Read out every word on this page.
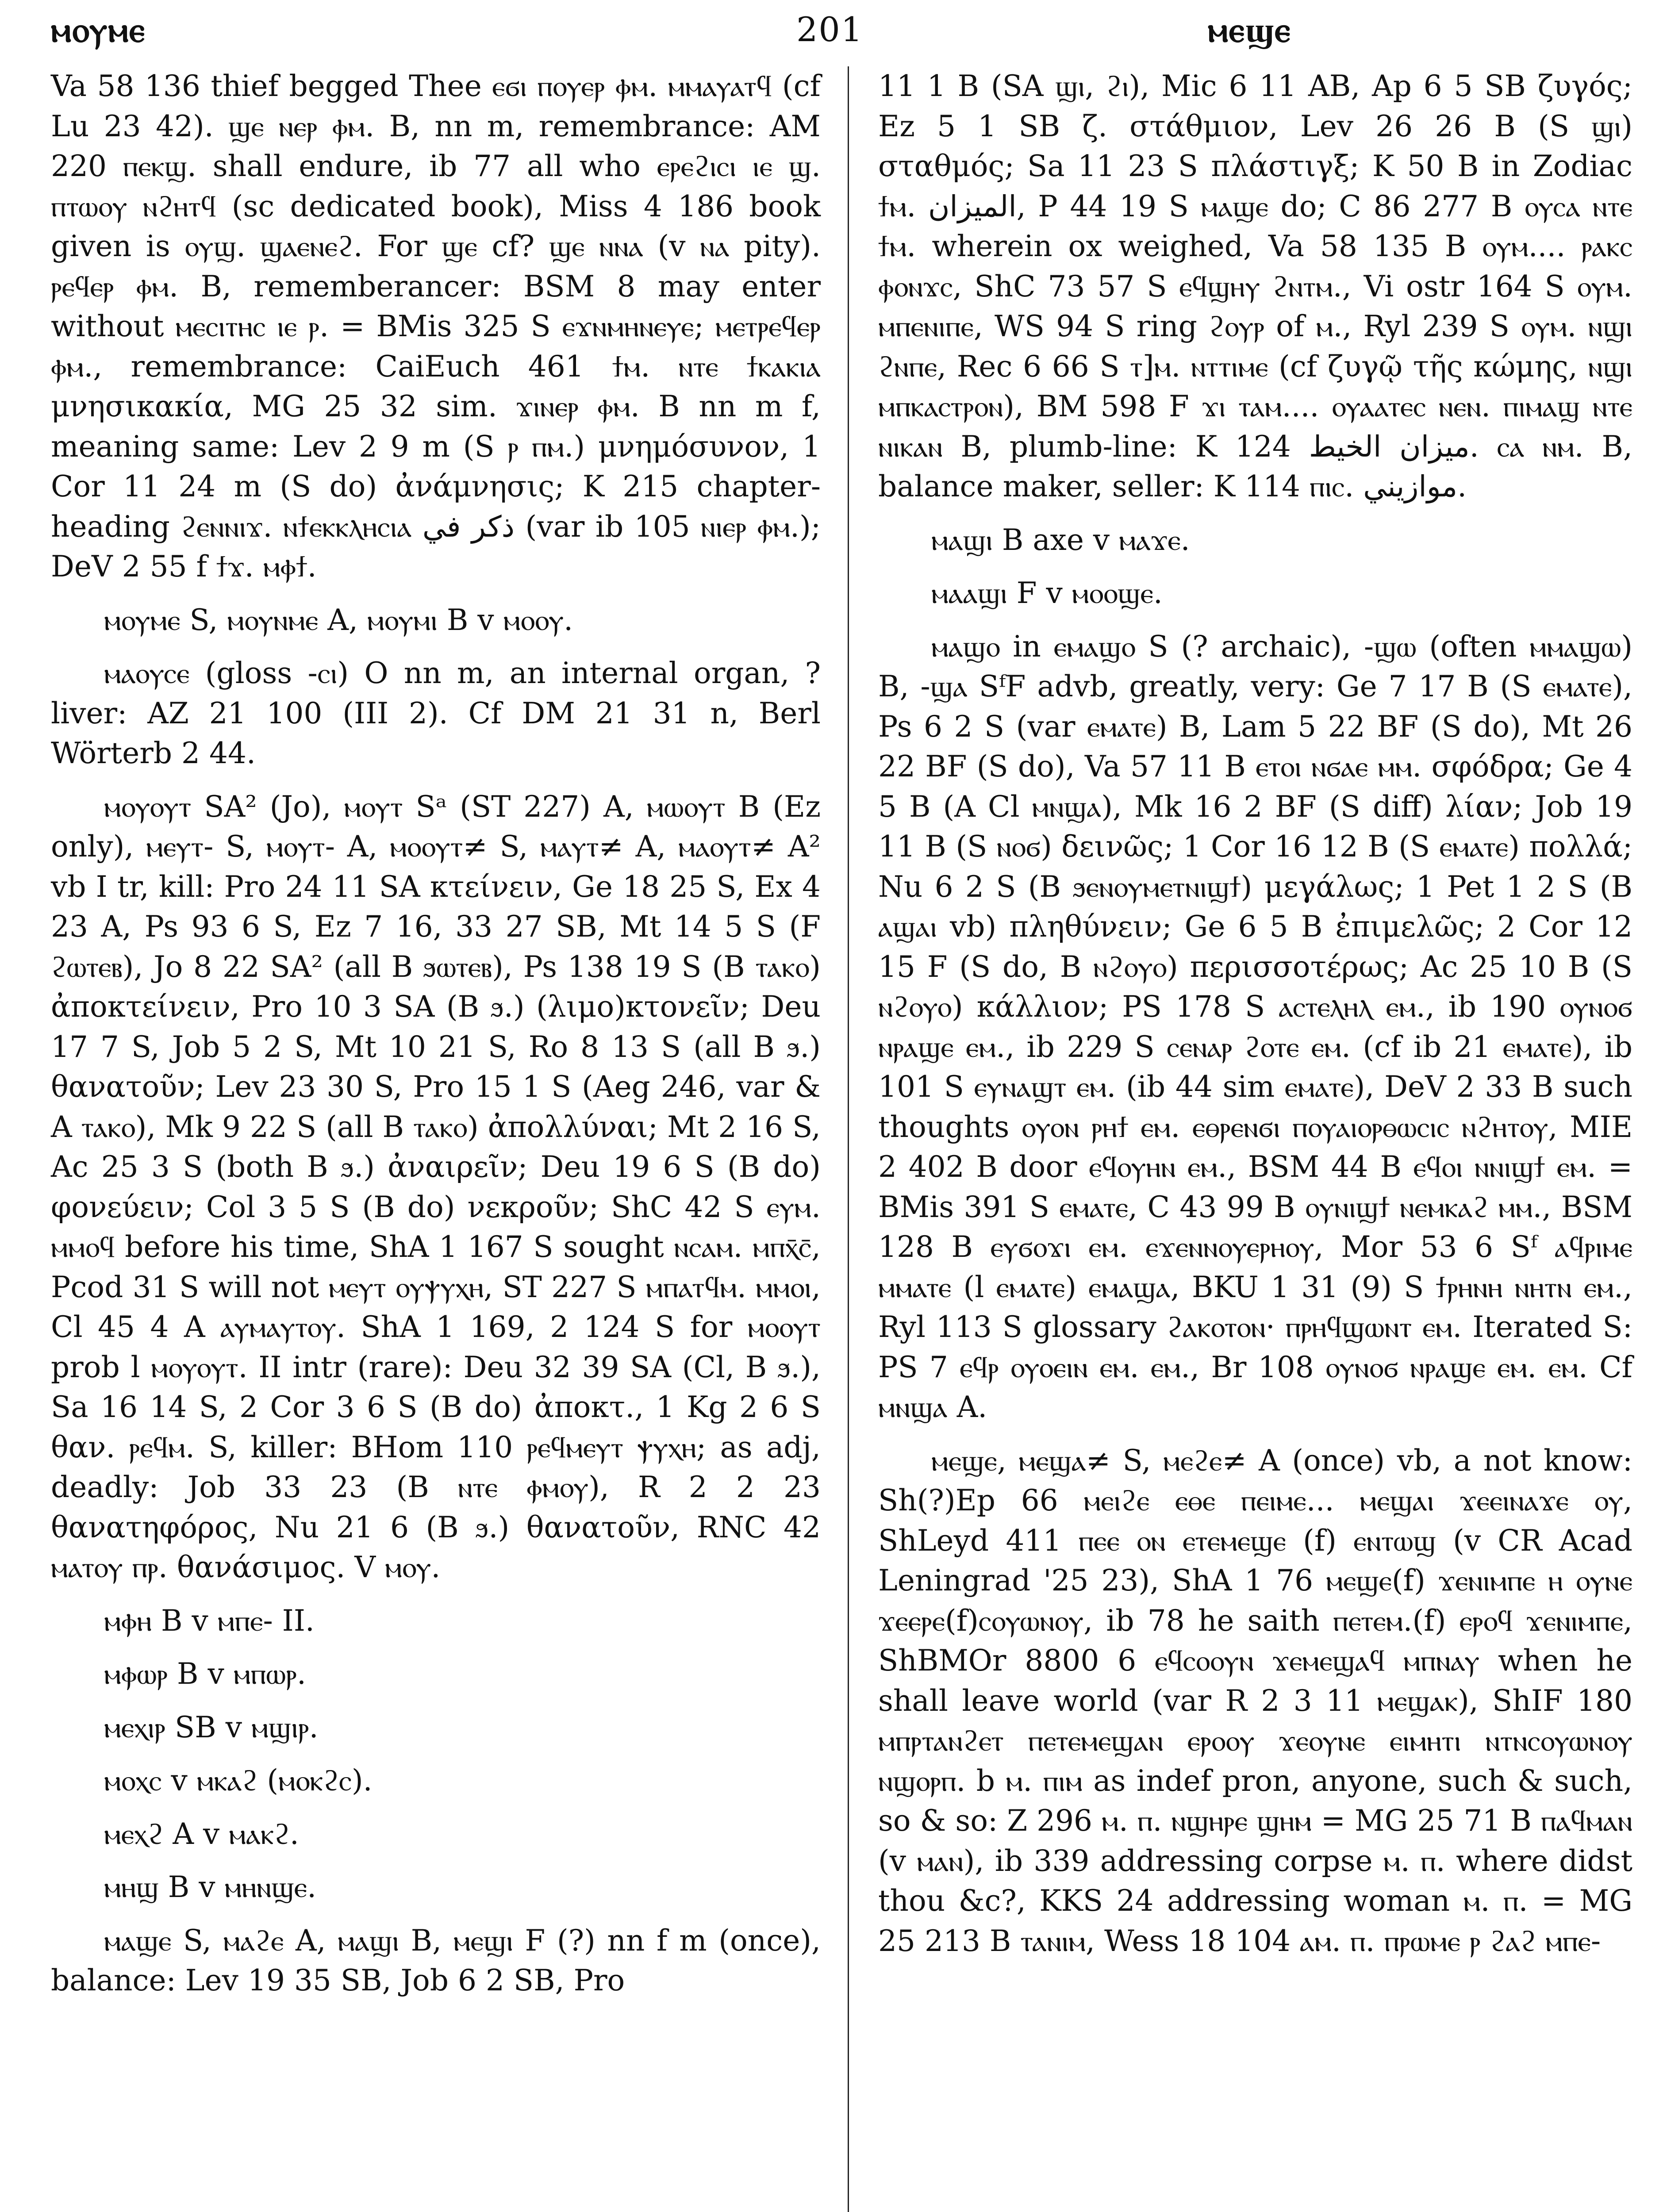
ⲙⲟⲩⲙⲉ	201	ⲙⲉϣⲉ

Va 58 136 thief begged Thee ⲉϭⲓ ⲡⲟⲩⲉⲣ ⲫⲙ. ⲙⲙⲁⲩⲁⲧϥ (cf Lu 23 42). ϣⲉ ⲛⲉⲣ ⲫⲙ. B, nn m, remembrance: AM 220 ⲡⲉⲕϣ. shall endure, ib 77 all who ⲉⲣⲉϩⲓⲥⲓ ⲓⲉ ϣ. ⲡⲧⲱⲟⲩ ⲛϩⲏⲧϥ (sc dedicated book), Miss 4 186 book given is ⲟⲩϣ. ϣⲁⲉⲛⲉϩ. For ϣⲉ cf? ϣⲉ ⲛⲛⲁ (v ⲛⲁ pity). ⲣⲉϥⲉⲣ ⲫⲙ. B, rememberancer: BSM 8 may enter without ⲙⲉⲥⲓⲧⲏⲥ ⲓⲉ ⲣ. = BMis 325 S ⲉϫⲛⲙⲏⲛⲉⲩⲉ; ⲙⲉⲧⲣⲉϥⲉⲣ ⲫⲙ., remembrance: CaiEuch 461 ϯⲙ. ⲛⲧⲉ ϯⲕⲁⲕⲓⲁ μνησικακία, MG 25 32 sim. ϫⲓⲛⲉⲣ ⲫⲙ. B nn m f, meaning same: Lev 2 9 m (S ⲣ ⲡⲙ.) μνημόσυνον, 1 Cor 11 24 m (S do) ἀνάμνησις; K 215 chapter-heading ϩⲉⲛⲛⲓϫ. ⲛϯⲉⲕⲕⲗⲏⲥⲓⲁ ذكر في (var ib 105 ⲛⲓⲉⲣ ⲫⲙ.); DeV 2 55 f ϯϫ. ⲙⲫϯ.

ⲙⲟⲩⲙⲉ S, ⲙⲟⲩⲛⲙⲉ A, ⲙⲟⲩⲙⲓ B v ⲙⲟⲟⲩ.

ⲙⲁⲟⲩⲥⲉ (gloss -ⲥⲓ) O nn m, an internal organ, ? liver: AZ 21 100 (III 2). Cf DM 21 31 n, Berl Wörterb 2 44.

ⲙⲟⲩⲟⲩⲧ SA² (Jo), ⲙⲟⲩⲧ Sᵃ (ST 227) A, ⲙⲱⲟⲩⲧ B (Ez only), ⲙⲉⲩⲧ- S, ⲙⲟⲩⲧ- A, ⲙⲟⲟⲩⲧ≠ S, ⲙⲁⲩⲧ≠ A, ⲙⲁⲟⲩⲧ≠ A² vb I tr, kill: Pro 24 11 SA κτείνειν, Ge 18 25 S, Ex 4 23 A, Ps 93 6 S, Ez 7 16, 33 27 SB, Mt 14 5 S (F ϩⲱⲧⲉⲃ), Jo 8 22 SA² (all B ϧⲱⲧⲉⲃ), Ps 138 19 S (B ⲧⲁⲕⲟ) ἀποκτείνειν, Pro 10 3 SA (B ϧ.) (λιμο)κτονεῖν; Deu 17 7 S, Job 5 2 S, Mt 10 21 S, Ro 8 13 S (all B ϧ.) θανατοῦν; Lev 23 30 S, Pro 15 1 S (Aeg 246, var & A ⲧⲁⲕⲟ), Mk 9 22 S (all B ⲧⲁⲕⲟ) ἀπολλύναι; Mt 2 16 S, Ac 25 3 S (both B ϧ.) ἀναιρεῖν; Deu 19 6 S (B do) φονεύειν; Col 3 5 S (B do) νεκροῦν; ShC 42 S ⲉⲩⲙ. ⲙⲙⲟϥ before his time, ShA 1 167 S sought ⲛⲥⲁⲙ. ⲙⲡⲭ̄ⲥ̄, Pcod 31 S will not ⲙⲉⲩⲧ ⲟⲩⲯⲩⲭⲏ, ST 227 S ⲙⲡⲁⲧϥⲙ. ⲙⲙⲟⲓ, Cl 45 4 A ⲁⲩⲙⲁⲩⲧⲟⲩ. ShA 1 169, 2 124 S for ⲙⲟⲟⲩⲧ prob l ⲙⲟⲩⲟⲩⲧ. II intr (rare): Deu 32 39 SA (Cl, B ϧ.), Sa 16 14 S, 2 Cor 3 6 S (B do) ἀποκτ., 1 Kg 2 6 S θαν. ⲣⲉϥⲙ. S, killer: BHom 110 ⲣⲉϥⲙⲉⲩⲧ ⲯⲩⲭⲏ; as adj, deadly: Job 33 23 (B ⲛⲧⲉ ⲫⲙⲟⲩ), R 2 2 23 θανατηφόρος, Nu 21 6 (B ϧ.) θανατοῦν, RNC 42 ⲙⲁⲧⲟⲩ ⲡⲣ. θανάσιμος. V ⲙⲟⲩ.

ⲙⲫⲏ B v ⲙⲡⲉ- II.

ⲙⲫⲱⲣ B v ⲙⲡⲱⲣ.

ⲙⲉⲭⲓⲣ SB v ⲙϣⲓⲣ.

ⲙⲟⲭⲥ v ⲙⲕⲁϩ (ⲙⲟⲕϩⲥ).

ⲙⲉⲭϩ A v ⲙⲁⲕϩ.

ⲙⲏϣ B v ⲙⲏⲛϣⲉ.

ⲙⲁϣⲉ S, ⲙⲁϩⲉ A, ⲙⲁϣⲓ B, ⲙⲉϣⲓ F (?) nn f m (once), balance: Lev 19 35 SB, Job 6 2 SB, Pro

11 1 B (SA ϣⲓ, ϩⲓ), Mic 6 11 AB, Ap 6 5 SB ζυγός; Ez 5 1 SB ζ. στάθμιον, Lev 26 26 B (S ϣⲓ) σταθμός; Sa 11 23 S πλάστιγξ; K 50 B in Zodiac ϯⲙ. الميزان, P 44 19 S ⲙⲁϣⲉ do; C 86 277 B ⲟⲩⲥⲁ ⲛⲧⲉ ϯⲙ. wherein ox weighed, Va 58 135 B ⲟⲩⲙ.... ⲣⲁⲕⲥ ⲫⲟⲛϫⲥ, ShC 73 57 S ⲉϥϣⲏⲩ ϩⲛⲧⲙ., Vi ostr 164 S ⲟⲩⲙ. ⲙⲡⲉⲛⲓⲡⲉ, WS 94 S ring ϩⲟⲩⲣ of ⲙ., Ryl 239 S ⲟⲩⲙ. ⲛϣⲓ ϩⲛⲡⲉ, Rec 6 66 S ⲧ]ⲙ. ⲛⲧⲧⲓⲙⲉ (cf ζυγῷ τῆς κώμης, ⲛϣⲓ ⲙⲡⲕⲁⲥⲧⲣⲟⲛ), BM 598 F ϫⲓ ⲧⲁⲙ.... ⲟⲩⲁⲁⲧⲉⲥ ⲛⲉⲛ. ⲡⲓⲙⲁϣ ⲛⲧⲉ ⲛⲓⲕⲁⲛ B, plumb-line: K 124 ميزان الخيط. ⲥⲁ ⲛⲙ. B, balance maker, seller: K 114 ⲡⲓⲥ. موازيني.

ⲙⲁϣⲓ B axe v ⲙⲁϫⲉ.

ⲙⲁⲁϣⲓ F v ⲙⲟⲟϣⲉ.

ⲙⲁϣⲟ in ⲉⲙⲁϣⲟ S (? archaic), -ϣⲱ (often ⲙⲙⲁϣⲱ) B, -ϣⲁ SᶠF advb, greatly, very: Ge 7 17 B (S ⲉⲙⲁⲧⲉ), Ps 6 2 S (var ⲉⲙⲁⲧⲉ) B, Lam 5 22 BF (S do), Mt 26 22 BF (S do), Va 57 11 B ⲉⲧⲟⲓ ⲛϭⲁⲉ ⲙⲙ. σφόδρα; Ge 4 5 B (A Cl ⲙⲛϣⲁ), Mk 16 2 BF (S diff) λίαν; Job 19 11 B (S ⲛⲟϭ) δεινῶς; 1 Cor 16 12 B (S ⲉⲙⲁⲧⲉ) πολλά; Nu 6 2 S (B ϧⲉⲛⲟⲩⲙⲉⲧⲛⲓϣϯ) μεγάλως; 1 Pet 1 2 S (B ⲁϣⲁⲓ vb) πληθύνειν; Ge 6 5 B ἐπιμελῶς; 2 Cor 12 15 F (S do, B ⲛϩⲟⲩⲟ) περισσοτέρως; Ac 25 10 B (S ⲛϩⲟⲩⲟ) κάλλιον; PS 178 S ⲁⲥⲧⲉⲗⲏⲗ ⲉⲙ., ib 190 ⲟⲩⲛⲟϭ ⲛⲣⲁϣⲉ ⲉⲙ., ib 229 S ⲥⲉⲛⲁⲣ ϩⲟⲧⲉ ⲉⲙ. (cf ib 21 ⲉⲙⲁⲧⲉ), ib 101 S ⲉⲩⲛⲁϣⲧ ⲉⲙ. (ib 44 sim ⲉⲙⲁⲧⲉ), DeV 2 33 B such thoughts ⲟⲩⲟⲛ ⲣⲏϯ ⲉⲙ. ⲉⲑⲣⲉⲛϭⲓ ⲡⲟⲩⲁⲓⲟⲣⲑⲱⲥⲓⲥ ⲛϩⲏⲧⲟⲩ, MIE 2 402 B door ⲉϥⲟⲩⲏⲛ ⲉⲙ., BSM 44 B ⲉϥⲟⲓ ⲛⲛⲓϣϯ ⲉⲙ. = BMis 391 S ⲉⲙⲁⲧⲉ, C 43 99 B ⲟⲩⲛⲓϣϯ ⲛⲉⲙⲕⲁϩ ⲙⲙ., BSM 128 B ⲉⲩϭⲟϫⲓ ⲉⲙ. ⲉϫⲉⲛⲛⲟⲩⲉⲣⲏⲟⲩ, Mor 53 6 Sᶠ ⲁϥⲣⲓⲙⲉ ⲙⲙⲁⲧⲉ (l ⲉⲙⲁⲧⲉ) ⲉⲙⲁϣⲁ, BKU 1 31 (9) S ϯⲣⲏⲛⲏ ⲛⲏⲧⲛ ⲉⲙ., Ryl 113 S glossary ϩⲁⲕⲟⲧⲟⲛ· ⲡⲣⲏϥϣⲱⲛⲧ ⲉⲙ. Iterated S: PS 7 ⲉϥⲣ ⲟⲩⲟⲉⲓⲛ ⲉⲙ. ⲉⲙ., Br 108 ⲟⲩⲛⲟϭ ⲛⲣⲁϣⲉ ⲉⲙ. ⲉⲙ. Cf ⲙⲛϣⲁ A.

ⲙⲉϣⲉ, ⲙⲉϣⲁ≠ S, ⲙⲉϩⲉ≠ A (once) vb, a not know: Sh(?)Ep 66 ⲙⲉⲓϩⲉ ⲉⲑⲉ ⲡⲉⲓⲙⲉ... ⲙⲉϣⲁⲓ ϫⲉⲉⲓⲛⲁϫⲉ ⲟⲩ, ShLeyd 411 ⲡⲉⲉ ⲟⲛ ⲉⲧⲉⲙⲉϣⲉ (f) ⲉⲛⲧⲱϣ (v CR Acad Leningrad '25 23), ShA 1 76 ⲙⲉϣⲉ(f) ϫⲉⲛⲓⲙⲡⲉ ⲏ ⲟⲩⲛⲉ ϫⲉⲉⲣⲉ(f)ⲥⲟⲩⲱⲛⲟⲩ, ib 78 he saith ⲡⲉⲧⲉⲙ.(f) ⲉⲣⲟϥ ϫⲉⲛⲓⲙⲡⲉ, ShBMOr 8800 6 ⲉϥⲥⲟⲟⲩⲛ ϫⲉⲙⲉϣⲁϥ ⲙⲡⲛⲁⲩ when he shall leave world (var R 2 3 11 ⲙⲉϣⲁⲕ), ShIF 180 ⲙⲡⲣⲧⲁⲛϩⲉⲧ ⲡⲉⲧⲉⲙⲉϣⲁⲛ ⲉⲣⲟⲟⲩ ϫⲉⲟⲩⲛⲉ ⲉⲓⲙⲏⲧⲓ ⲛⲧⲛⲥⲟⲩⲱⲛⲟⲩ ⲛϣⲟⲣⲡ. b ⲙ. ⲡⲓⲙ as indef pron, anyone, such & such, so & so: Z 296 ⲙ. ⲡ. ⲛϣⲏⲣⲉ ϣⲏⲙ = MG 25 71 B ⲡⲁϥⲙⲁⲛ (v ⲙⲁⲛ), ib 339 addressing corpse ⲙ. ⲡ. where didst thou &c?, KKS 24 addressing woman ⲙ. ⲡ. = MG 25 213 B ⲧⲁⲛⲓⲙ, Wess 18 104 ⲁⲙ. ⲡ. ⲡⲣⲱⲙⲉ ⲣ ϩⲁϩ ⲙⲡⲉ-
